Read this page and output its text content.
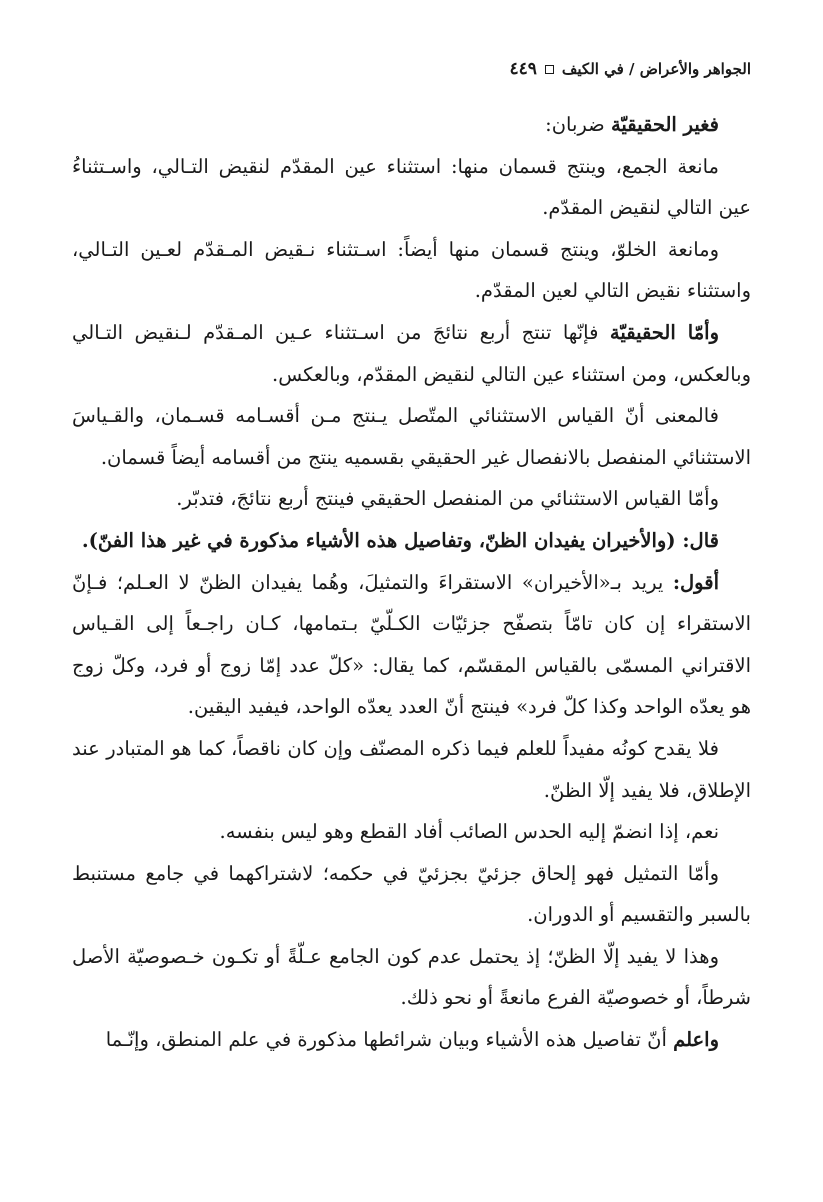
الجواهر والأعراض / في الكيف
٤٤٩

فغير الحقيقيّة ضربان:

مانعة الجمع، وينتج قسمان منها: استثناء عين المقدّم لنقيض التـالي، واسـتثناءُ عين التالي لنقيض المقدّم.

ومانعة الخلوّ، وينتج قسمان منها أيضاً: اسـتثناء نـقيض المـقدّم لعـين التـالي، واستثناء نقيض التالي لعين المقدّم.

وأمّا الحقيقيّة فإنّها تنتج أربع نتائجَ من اسـتثناء عـين المـقدّم لـنقيض التـالي وبالعكس، ومن استثناء عين التالي لنقيض المقدّم، وبالعكس.

فالمعنى أنّ القياس الاستثنائي المتّصل يـنتج مـن أقسـامه قسـمان، والقـياسَ الاستثنائي المنفصل بالانفصال غير الحقيقي بقسميه ينتج من أقسامه أيضاً قسمان.

وأمّا القياس الاستثنائي من المنفصل الحقيقي فينتج أربع نتائجَ، فتدبّر.

قال: (والأخيران يفيدان الظنّ، وتفاصيل هذه الأشياء مذكورة في غير هذا الفنّ).

أقول: يريد بـ«الأخيران» الاستقراءَ والتمثيلَ، وهُما يفيدان الظنّ لا العـلم؛ فـإنّ الاستقراء إن كان تامّاً بتصفّح جزئيّات الكـلّيّ بـتمامها، كـان راجـعاً إلى القـياس الاقتراني المسمّى بالقياس المقسّم، كما يقال: «كلّ عدد إمّا زوج أو فرد، وكلّ زوج هو يعدّه الواحد وكذا كلّ فرد» فينتج أنّ العدد يعدّه الواحد، فيفيد اليقين.

فلا يقدح كونُه مفيداً للعلم فيما ذكره المصنّف وإن كان ناقصاً، كما هو المتبادر عند الإطلاق، فلا يفيد إلّا الظنّ.

نعم، إذا انضمّ إليه الحدس الصائب أفاد القطع وهو ليس بنفسه.

وأمّا التمثيل فهو إلحاق جزئيّ بجزئيّ في حكمه؛ لاشتراكهما في جامع مستنبط بالسبر والتقسيم أو الدوران.

وهذا لا يفيد إلّا الظنّ؛ إذ يحتمل عدم كون الجامع عـلّةً أو تكـون خـصوصيّة الأصل شرطاً، أو خصوصيّة الفرع مانعةً أو نحو ذلك.

واعلم أنّ تفاصيل هذه الأشياء وبيان شرائطها مذكورة في علم المنطق، وإنّـما
